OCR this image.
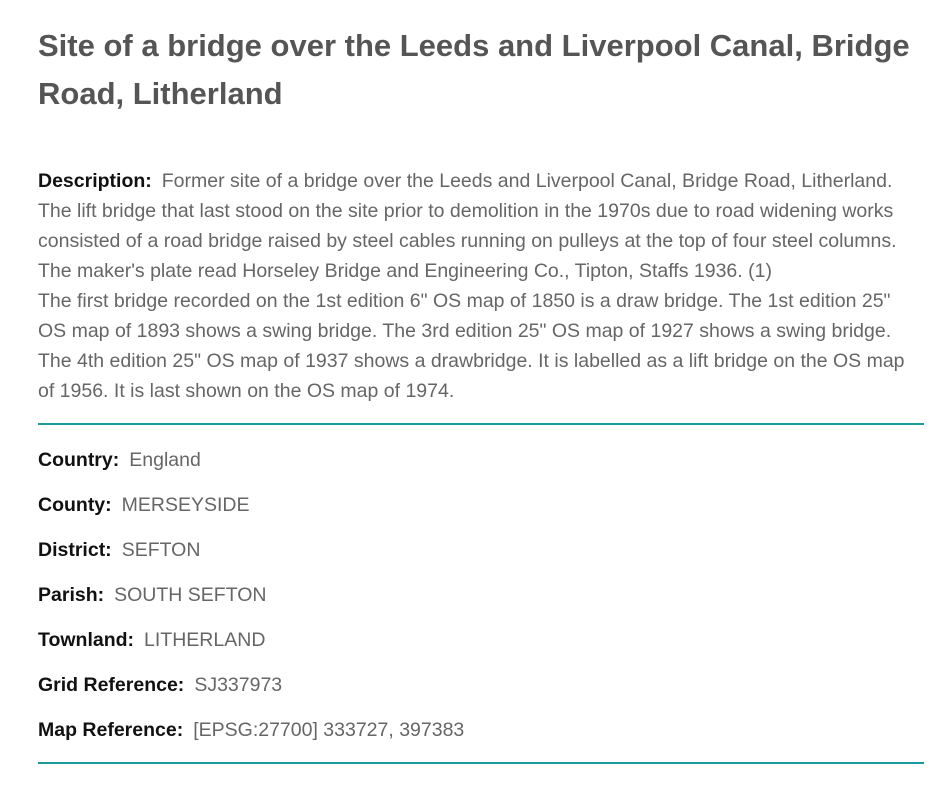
Site of a bridge over the Leeds and Liverpool Canal, Bridge Road, Litherland

Description: Former site of a bridge over the Leeds and Liverpool Canal, Bridge Road, Litherland. The lift bridge that last stood on the site prior to demolition in the 1970s due to road widening works consisted of a road bridge raised by steel cables running on pulleys at the top of four steel columns. The maker's plate read Horseley Bridge and Engineering Co., Tipton, Staffs 1936. (1)

The first bridge recorded on the 1st edition 6" OS map of 1850 is a draw bridge. The 1st edition 25" OS map of 1893 shows a swing bridge. The 3rd edition 25" OS map of 1927 shows a swing bridge. The 4th edition 25" OS map of 1937 shows a drawbridge. It is labelled as a lift bridge on the OS map of 1956. It is last shown on the OS map of 1974.

Country: England
County: MERSEYSIDE
District: SEFTON
Parish: SOUTH SEFTON
Townland: LITHERLAND
Grid Reference: SJ337973
Map Reference: [EPSG:27700] 333727, 397383
